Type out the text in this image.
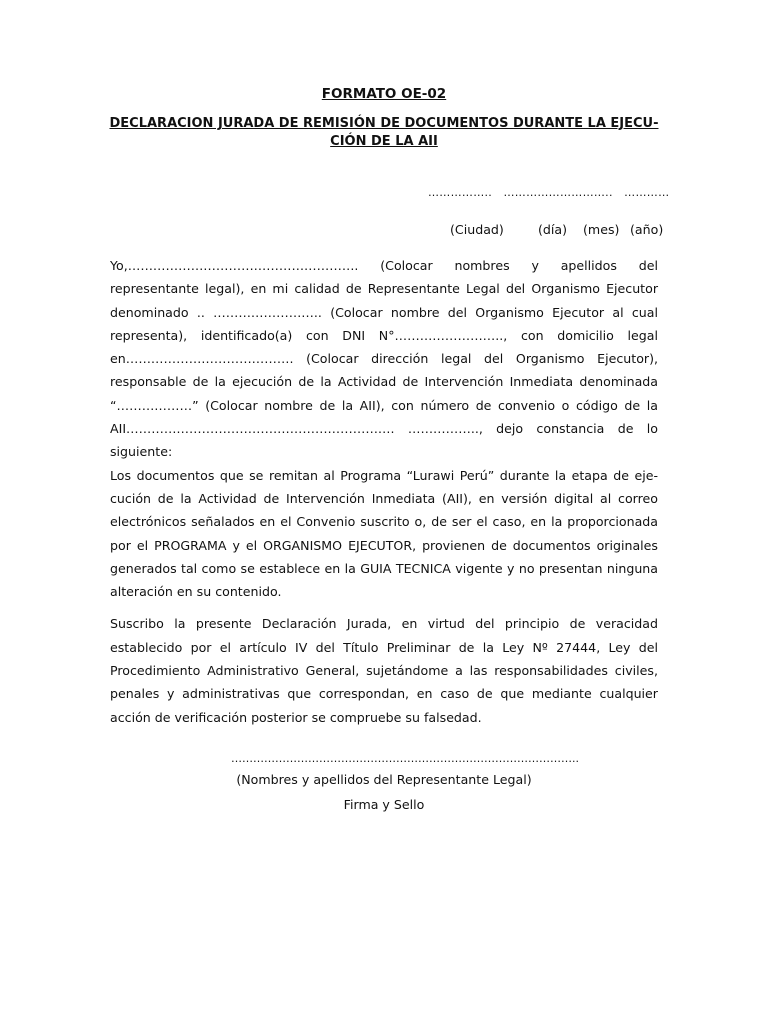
FORMATO OE-02
DECLARACION JURADA DE REMISIÓN DE DOCUMENTOS DURANTE LA EJECU-
CIÓN DE LA AII
……………..   ………………………..   …………

(Ciudad)	(día) (mes) (año)

Yo,………………………………………………. (Colocar nombres y apellidos del representante legal), en mi calidad de Representante Legal del Organismo Ejecutor denominado .. …………………….. (Colocar nombre del Organismo Ejecutor al cual representa), identificado(a) con DNI N°…………………….., con domicilio legal en…………………………………. (Colocar dirección legal del Organismo Ejecutor), responsable de la ejecución de la Actividad de Intervención Inmediata denominada “………………” (Colocar nombre de la AII), con número de convenio o código de la AII………………………………………………………. …………….., dejo constancia de lo siguiente:

Los documentos que se remitan al Programa “Lurawi Perú” durante la etapa de eje-cución de la Actividad de Intervención Inmediata (AII), en versión digital al correo electrónicos señalados en el Convenio suscrito o, de ser el caso, en la proporcionada por el PROGRAMA y el ORGANISMO EJECUTOR, provienen de documentos originales generados tal como se establece en la GUIA TECNICA vigente y no presentan ninguna alteración en su contenido.

Suscribo la presente Declaración Jurada, en virtud del principio de veracidad establecido por el artículo IV del Título Preliminar de la Ley Nº 27444, Ley del Procedimiento Administrativo General, sujetándome a las responsabilidades civiles, penales y administrativas que correspondan, en caso de que mediante cualquier acción de verificación posterior se compruebe su falsedad.

…………………………………………………………………………………..
(Nombres y apellidos del Representante Legal)
Firma y Sello
